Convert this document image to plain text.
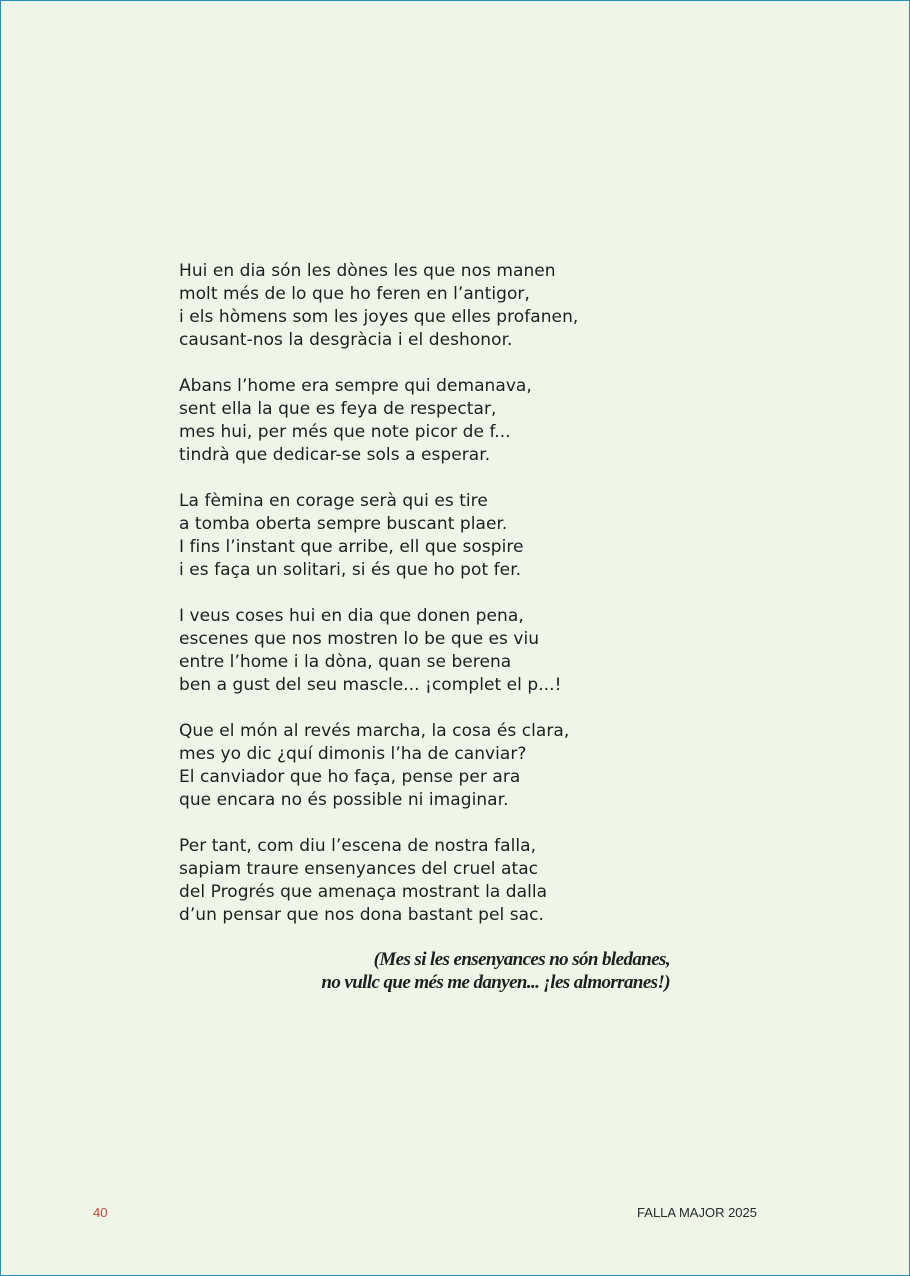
Hui en dia són les dònes les que nos manen
molt més de lo que ho feren en l’antigor,
i els hòmens som les joyes que elles profanen,
causant-nos la desgràcia i el deshonor.
Abans l’home era sempre qui demanava,
sent ella la que es feya de respectar,
mes hui, per més que note picor de f...
tindrà que dedicar-se sols a esperar.
La fèmina en corage serà qui es tire
a tomba oberta sempre buscant plaer.
I fins l’instant que arribe, ell que sospire
i es faça un solitari, si és que ho pot fer.
I veus coses hui en dia que donen pena,
escenes que nos mostren lo be que es viu
entre l’home i la dòna, quan se berena
ben a gust del seu mascle... ¡complet el p...!
Que el món al revés marcha, la cosa és clara,
mes yo dic ¿quí dimonis l’ha de canviar?
El canviador que ho faça, pense per ara
que encara no és possible ni imaginar.
Per tant, com diu l’escena de nostra falla,
sapiam traure ensenyances del cruel atac
del Progrés que amenaça mostrant la dalla
d’un pensar que nos dona bastant pel sac.
(Mes si les ensenyances no són bledanes,
no vullc que més me danyen... ¡les almorranes!)
40	FALLA MAJOR 2025
